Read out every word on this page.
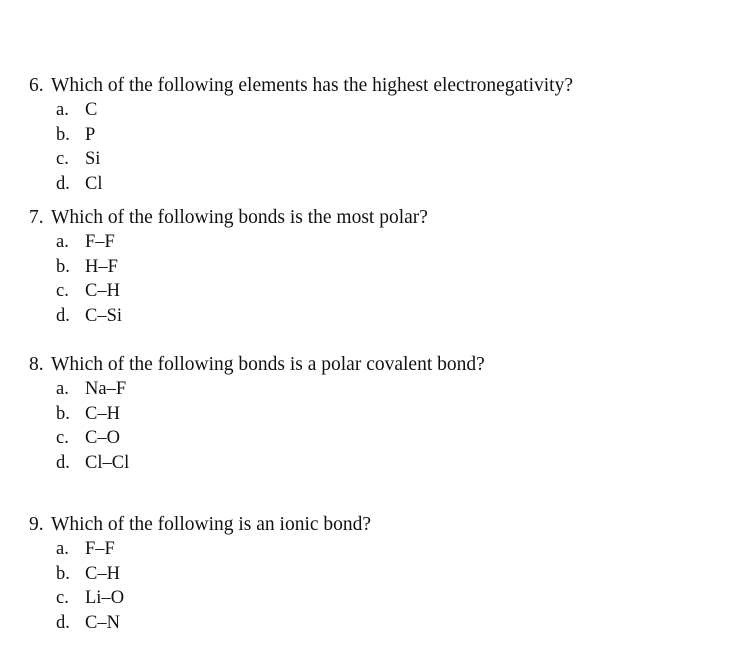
6. Which of the following elements has the highest electronegativity?

a. C
b. P
c. Si
d. Cl

7. Which of the following bonds is the most polar?

a. F–F
b. H–F
c. C–H
d. C–Si

8. Which of the following bonds is a polar covalent bond?

a. Na–F
b. C–H
c. C–O
d. Cl–Cl

9. Which of the following is an ionic bond?

a. F–F
b. C–H
c. Li–O
d. C–N
